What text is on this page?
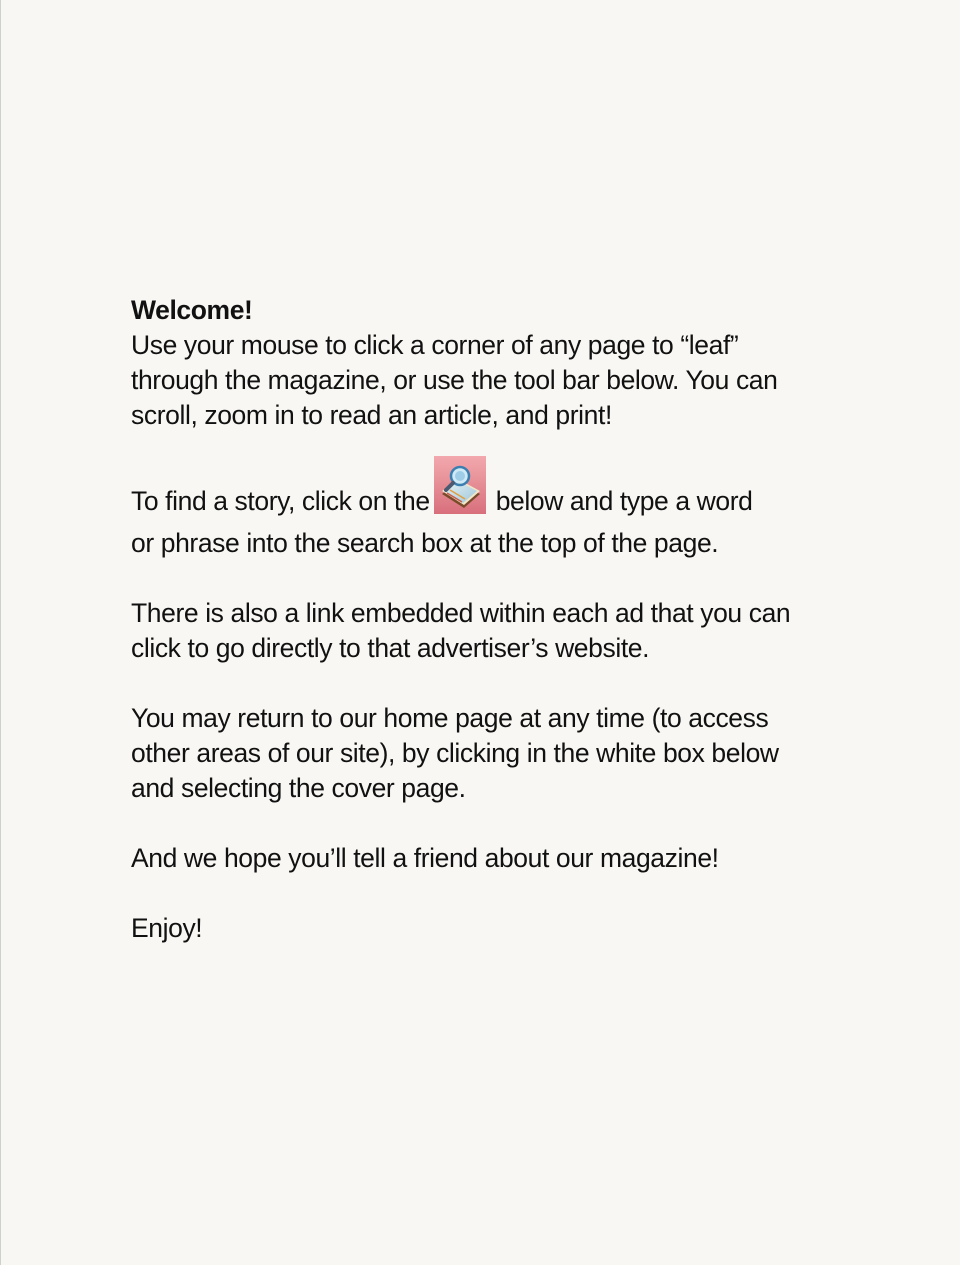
Welcome!
Use your mouse to click a corner of any page to “leaf”
through the magazine, or use the tool bar below. You can
scroll, zoom in to read an article, and print!

To find a story, click on the below and type a word
or phrase into the search box at the top of the page.

There is also a link embedded within each ad that you can
click to go directly to that advertiser’s website.

You may return to our home page at any time (to access
other areas of our site), by clicking in the white box below
and selecting the cover page.

And we hope you’ll tell a friend about our magazine!

Enjoy!
